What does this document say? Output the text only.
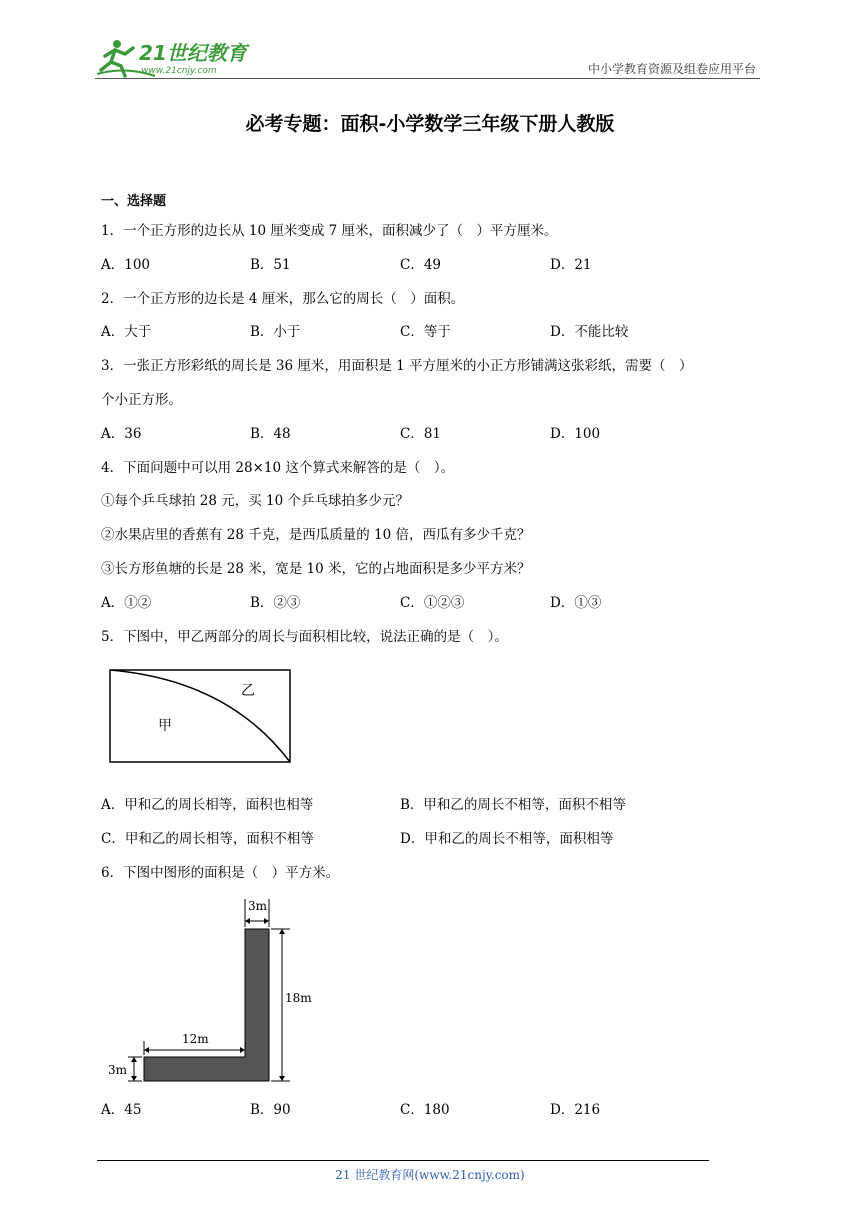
21世纪教育
www.21cnjy.com	中小学教育资源及组卷应用平台
必考专题：面积-小学数学三年级下册人教版
一、选择题
1．一个正方形的边长从 10 厘米变成 7 厘米，面积减少了（　）平方厘米。
A．100	B．51	C．49	D．21
2．一个正方形的边长是 4 厘米，那么它的周长（　）面积。
A．大于	B．小于	C．等于	D．不能比较
3．一张正方形彩纸的周长是 36 厘米，用面积是 1 平方厘米的小正方形铺满这张彩纸，需要（　）
个小正方形。
A．36	B．48	C．81	D．100
4．下面问题中可以用 28×10 这个算式来解答的是（　）。
①每个乒乓球拍 28 元，买 10 个乒乓球拍多少元？
②水果店里的香蕉有 28 千克，是西瓜质量的 10 倍，西瓜有多少千克？
③长方形鱼塘的长是 28 米，宽是 10 米，它的占地面积是多少平方米？
A．①②	B．②③	C．①②③	D．①③
5．下图中，甲乙两部分的周长与面积相比较，说法正确的是（　）。
甲
乙
A．甲和乙的周长相等，面积也相等	B．甲和乙的周长不相等，面积不相等
C．甲和乙的周长相等，面积不相等	D．甲和乙的周长不相等，面积相等
6．下图中图形的面积是（　）平方米。
3m
18m
12m
3m
A．45	B．90	C．180	D．216
21 世纪教育网(www.21cnjy.com)
